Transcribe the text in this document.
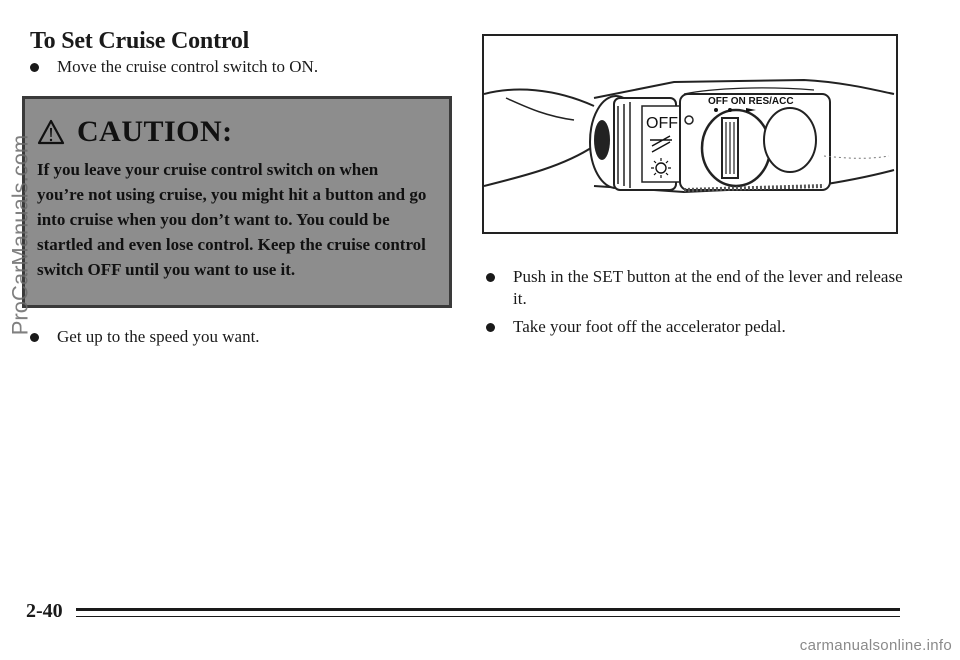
To Set Cruise Control
Move the cruise control switch to ON.
CAUTION:
If you leave your cruise control switch on when you’re not using cruise, you might hit a button and go into cruise when you don’t want to. You could be startled and even lose control. Keep the cruise control switch OFF until you want to use it.
Get up to the speed you want.
OFF
OFF ON RES/ACC
Push in the SET button at the end of the lever and release it.
Take your foot off the accelerator pedal.
ProCarManuals.com
2-40
carmanualsonline.info
